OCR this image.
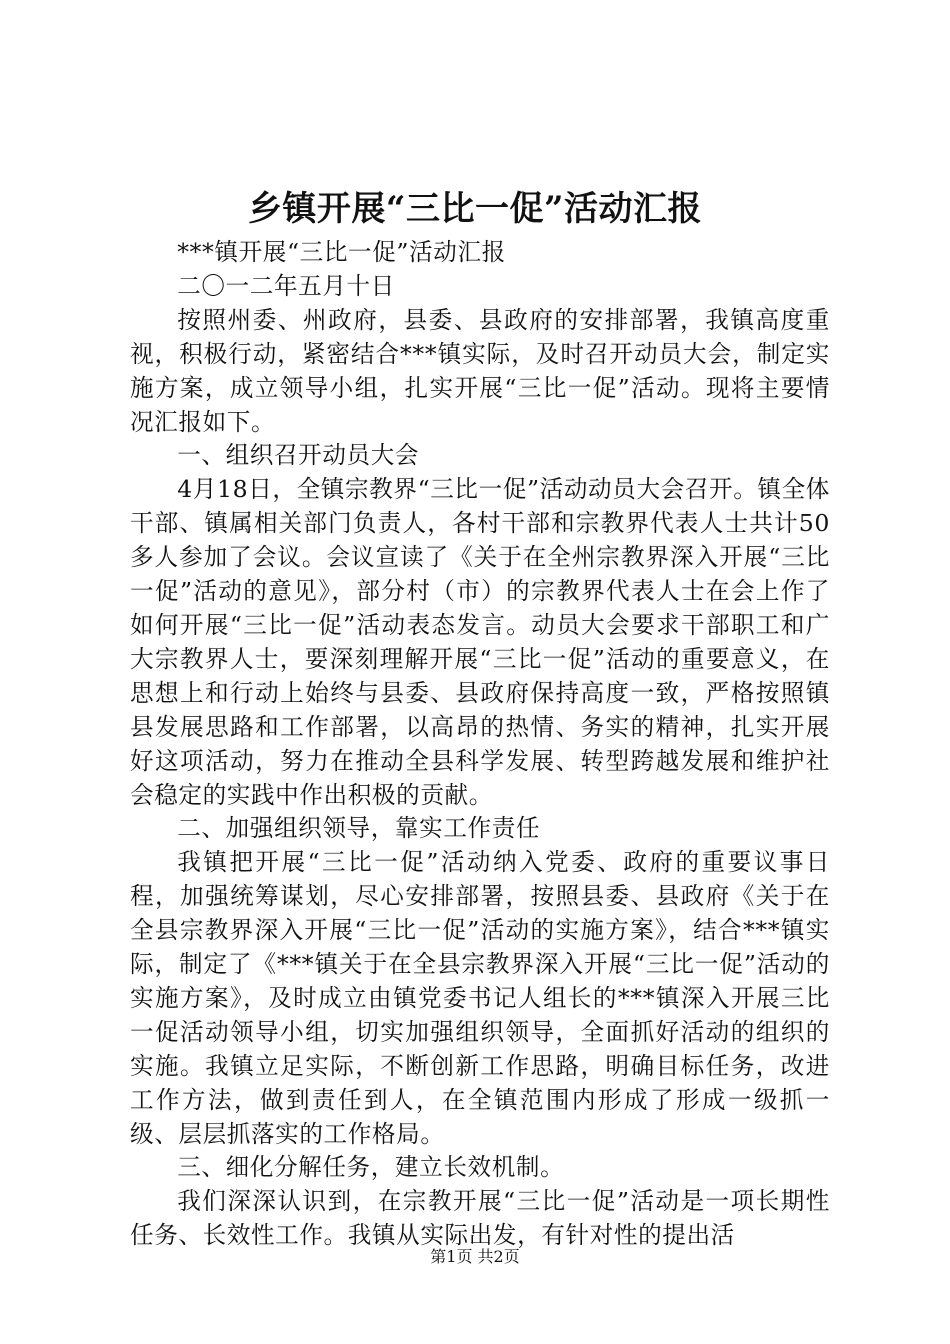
乡镇开展“三比一促”活动汇报

***镇开展“三比一促”活动汇报

二〇一二年五月十日

按照州委、州政府，县委、县政府的安排部署，我镇高度重视，积极行动，紧密结合***镇实际，及时召开动员大会，制定实施方案，成立领导小组，扎实开展“三比一促”活动。现将主要情况汇报如下。

一、组织召开动员大会

4月18日，全镇宗教界“三比一促”活动动员大会召开。镇全体干部、镇属相关部门负责人，各村干部和宗教界代表人士共计50多人参加了会议。会议宣读了《关于在全州宗教界深入开展“三比一促”活动的意见》，部分村（市）的宗教界代表人士在会上作了如何开展“三比一促”活动表态发言。动员大会要求干部职工和广大宗教界人士，要深刻理解开展“三比一促”活动的重要意义，在思想上和行动上始终与县委、县政府保持高度一致，严格按照镇县发展思路和工作部署，以高昂的热情、务实的精神，扎实开展好这项活动，努力在推动全县科学发展、转型跨越发展和维护社会稳定的实践中作出积极的贡献。

二、加强组织领导，靠实工作责任

我镇把开展“三比一促”活动纳入党委、政府的重要议事日程，加强统筹谋划，尽心安排部署，按照县委、县政府《关于在全县宗教界深入开展“三比一促”活动的实施方案》，结合***镇实际，制定了《***镇关于在全县宗教界深入开展“三比一促”活动的实施方案》，及时成立由镇党委书记人组长的***镇深入开展三比一促活动领导小组，切实加强组织领导，全面抓好活动的组织的实施。我镇立足实际，不断创新工作思路，明确目标任务，改进工作方法，做到责任到人，在全镇范围内形成了形成一级抓一级、层层抓落实的工作格局。

三、细化分解任务，建立长效机制。

我们深深认识到，在宗教开展“三比一促”活动是一项长期性任务、长效性工作。我镇从实际出发，有针对性的提出活

第1页 共2页
